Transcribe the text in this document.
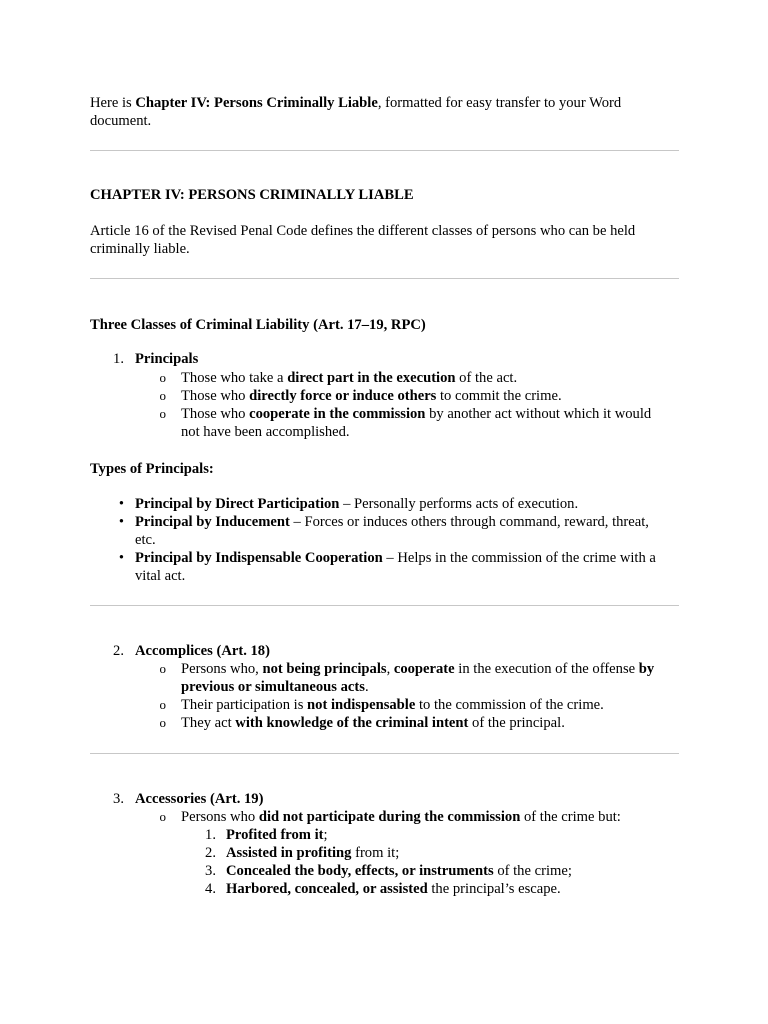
Here is Chapter IV: Persons Criminally Liable, formatted for easy transfer to your Word document.

CHAPTER IV: PERSONS CRIMINALLY LIABLE

Article 16 of the Revised Penal Code defines the different classes of persons who can be held criminally liable.

Three Classes of Criminal Liability (Art. 17–19, RPC)

1. Principals
o Those who take a direct part in the execution of the act.
o Those who directly force or induce others to commit the crime.
o Those who cooperate in the commission by another act without which it would
not have been accomplished.

Types of Principals:

• Principal by Direct Participation – Personally performs acts of execution.
• Principal by Inducement – Forces or induces others through command, reward, threat,
etc.
• Principal by Indispensable Cooperation – Helps in the commission of the crime with a
vital act.
2. Accomplices (Art. 18)
o Persons who, not being principals, cooperate in the execution of the offense by
previous or simultaneous acts.
o Their participation is not indispensable to the commission of the crime.
o They act with knowledge of the criminal intent of the principal.
3. Accessories (Art. 19)
o Persons who did not participate during the commission of the crime but:
1. Profited from it;
2. Assisted in profiting from it;
3. Concealed the body, effects, or instruments of the crime;
4. Harbored, concealed, or assisted the principal’s escape.
